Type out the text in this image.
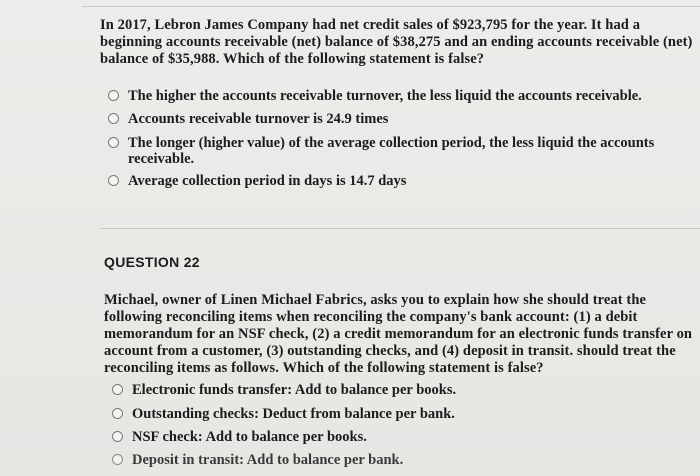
In 2017, Lebron James Company had net credit sales of $923,795 for the year. It had a beginning accounts receivable (net) balance of $38,275 and an ending accounts receivable (net) balance of $35,988. Which of the following statement is false?
The higher the accounts receivable turnover, the less liquid the accounts receivable.
Accounts receivable turnover is 24.9 times
The longer (higher value) of the average collection period, the less liquid the accounts receivable.
Average collection period in days is 14.7 days
QUESTION 22
Michael, owner of Linen Michael Fabrics, asks you to explain how she should treat the following reconciling items when reconciling the company's bank account: (1) a debit memorandum for an NSF check, (2) a credit memorandum for an electronic funds transfer on account from a customer, (3) outstanding checks, and (4) deposit in transit. should treat the reconciling items as follows. Which of the following statement is false?
Electronic funds transfer: Add to balance per books.
Outstanding checks: Deduct from balance per bank.
NSF check: Add to balance per books.
Deposit in transit: Add to balance per bank.
